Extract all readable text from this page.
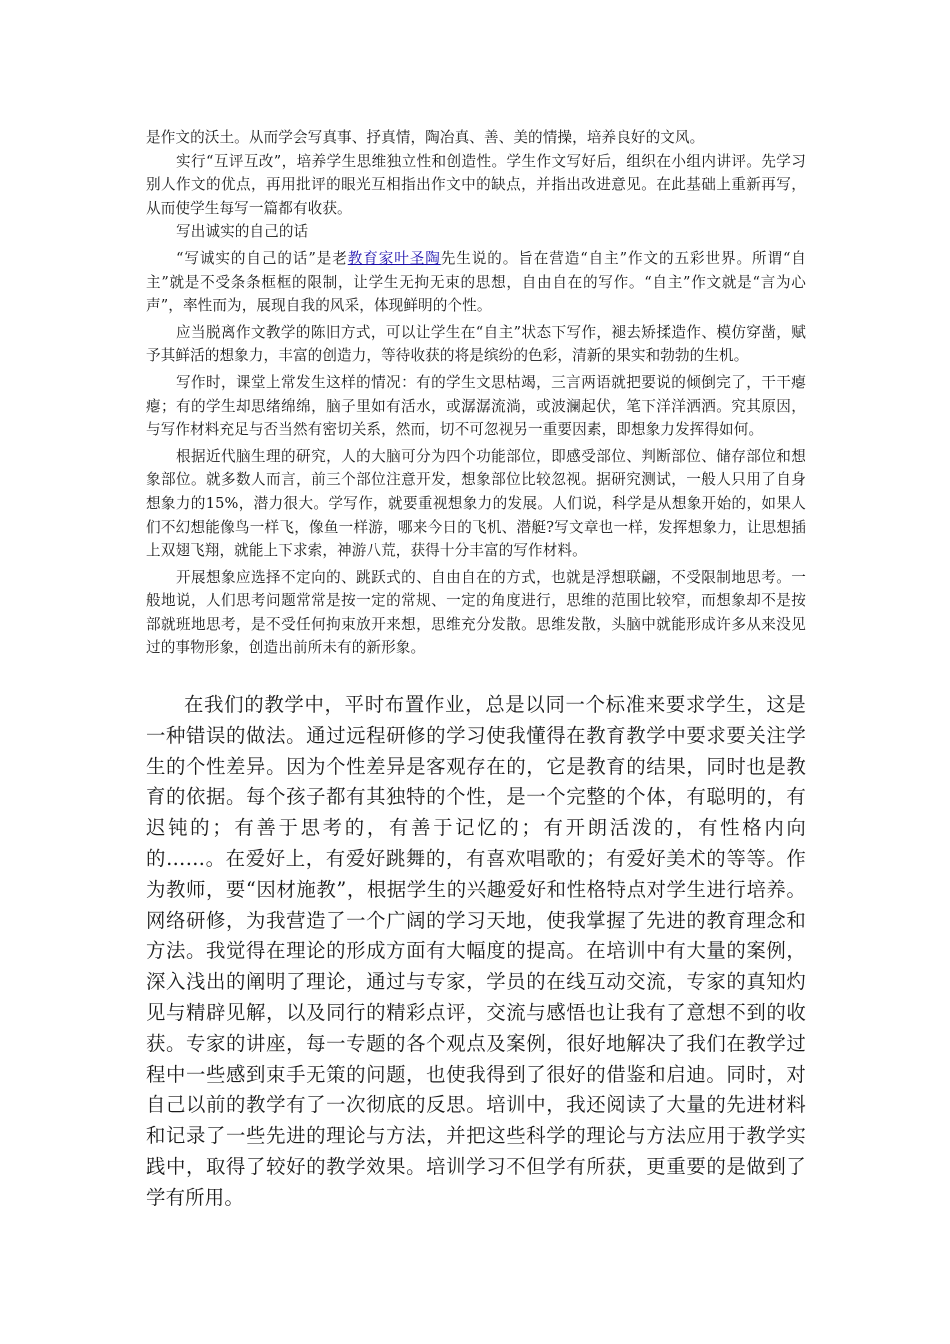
是作文的沃土。从而学会写真事、抒真情，陶冶真、善、美的情操，培养良好的文风。

实行“互评互改”，培养学生思维独立性和创造性。学生作文写好后，组织在小组内讲评。先学习别人作文的优点，再用批评的眼光互相指出作文中的缺点，并指出改进意见。在此基础上重新再写，从而使学生每写一篇都有收获。

写出诚实的自己的话

“写诚实的自己的话”是老教育家叶圣陶先生说的。旨在营造“自主”作文的五彩世界。所谓“自主”就是不受条条框框的限制，让学生无拘无束的思想，自由自在的写作。“自主”作文就是“言为心声”，率性而为，展现自我的风采，体现鲜明的个性。

应当脱离作文教学的陈旧方式，可以让学生在“自主”状态下写作，褪去矫揉造作、模仿穿凿，赋予其鲜活的想象力，丰富的创造力，等待收获的将是缤纷的色彩，清新的果实和勃勃的生机。

写作时，课堂上常发生这样的情况：有的学生文思枯竭，三言两语就把要说的倾倒完了，干干瘪瘪；有的学生却思绪绵绵，脑子里如有活水，或潺潺流淌，或波澜起伏，笔下洋洋洒洒。究其原因，与写作材料充足与否当然有密切关系，然而，切不可忽视另一重要因素，即想象力发挥得如何。

根据近代脑生理的研究，人的大脑可分为四个功能部位，即感受部位、判断部位、储存部位和想象部位。就多数人而言，前三个部位注意开发，想象部位比较忽视。据研究测试，一般人只用了自身想象力的15%，潜力很大。学写作，就要重视想象力的发展。人们说，科学是从想象开始的，如果人们不幻想能像鸟一样飞，像鱼一样游，哪来今日的飞机、潜艇?写文章也一样，发挥想象力，让思想插上双翅飞翔，就能上下求索，神游八荒，获得十分丰富的写作材料。

开展想象应选择不定向的、跳跃式的、自由自在的方式，也就是浮想联翩，不受限制地思考。一般地说，人们思考问题常常是按一定的常规、一定的角度进行，思维的范围比较窄，而想象却不是按部就班地思考，是不受任何拘束放开来想，思维充分发散。思维发散，头脑中就能形成许多从来没见过的事物形象，创造出前所未有的新形象。

在我们的教学中，平时布置作业，总是以同一个标准来要求学生，这是一种错误的做法。通过远程研修的学习使我懂得在教育教学中要求要关注学生的个性差异。因为个性差异是客观存在的，它是教育的结果，同时也是教育的依据。每个孩子都有其独特的个性，是一个完整的个体，有聪明的，有迟钝的；有善于思考的，有善于记忆的；有开朗活泼的，有性格内向的……。在爱好上，有爱好跳舞的，有喜欢唱歌的；有爱好美术的等等。作为教师，要“因材施教”，根据学生的兴趣爱好和性格特点对学生进行培养。网络研修，为我营造了一个广阔的学习天地，使我掌握了先进的教育理念和方法。我觉得在理论的形成方面有大幅度的提高。在培训中有大量的案例，深入浅出的阐明了理论，通过与专家，学员的在线互动交流，专家的真知灼见与精辟见解，以及同行的精彩点评，交流与感悟也让我有了意想不到的收获。专家的讲座，每一专题的各个观点及案例，很好地解决了我们在教学过程中一些感到束手无策的问题，也使我得到了很好的借鉴和启迪。同时，对自己以前的教学有了一次彻底的反思。培训中，我还阅读了大量的先进材料和记录了一些先进的理论与方法，并把这些科学的理论与方法应用于教学实践中，取得了较好的教学效果。培训学习不但学有所获，更重要的是做到了学有所用。
